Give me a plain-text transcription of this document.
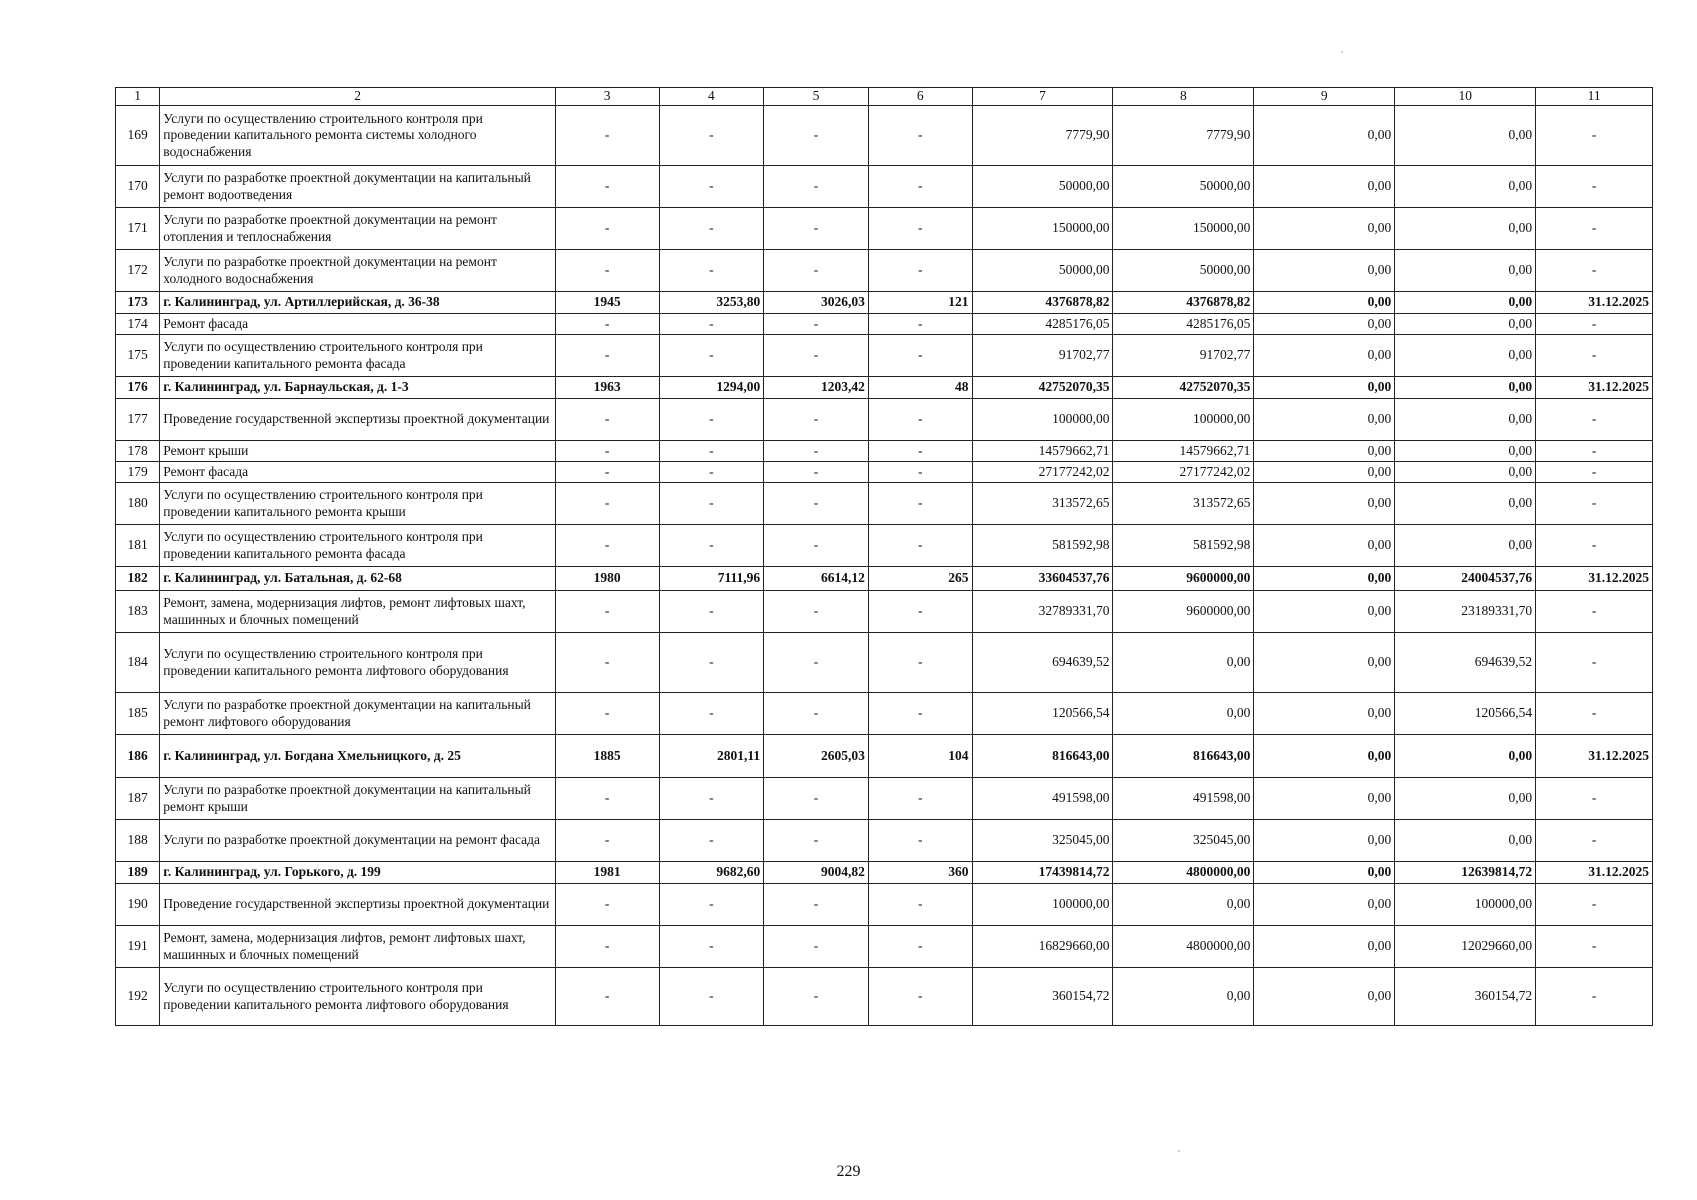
1	2	3	4	5	6	7	8	9	10	11
169	Услуги по осуществлению строительного контроля при проведении капитального ремонта системы холодного водоснабжения	-	-	-	-	7779,90	7779,90	0,00	0,00	-
170	Услуги по разработке проектной документации на капитальный ремонт водоотведения	-	-	-	-	50000,00	50000,00	0,00	0,00	-
171	Услуги по разработке проектной документации на ремонт отопления и теплоснабжения	-	-	-	-	150000,00	150000,00	0,00	0,00	-
172	Услуги по разработке проектной документации на ремонт холодного водоснабжения	-	-	-	-	50000,00	50000,00	0,00	0,00	-
173	г. Калининград, ул. Артиллерийская, д. 36-38	1945	3253,80	3026,03	121	4376878,82	4376878,82	0,00	0,00	31.12.2025
174	Ремонт фасада	-	-	-	-	4285176,05	4285176,05	0,00	0,00	-
175	Услуги по осуществлению строительного контроля при проведении капитального ремонта фасада	-	-	-	-	91702,77	91702,77	0,00	0,00	-
176	г. Калининград, ул. Барнаульская, д. 1-3	1963	1294,00	1203,42	48	42752070,35	42752070,35	0,00	0,00	31.12.2025
177	Проведение государственной экспертизы проектной документации	-	-	-	-	100000,00	100000,00	0,00	0,00	-
178	Ремонт крыши	-	-	-	-	14579662,71	14579662,71	0,00	0,00	-
179	Ремонт фасада	-	-	-	-	27177242,02	27177242,02	0,00	0,00	-
180	Услуги по осуществлению строительного контроля при проведении капитального ремонта крыши	-	-	-	-	313572,65	313572,65	0,00	0,00	-
181	Услуги по осуществлению строительного контроля при проведении капитального ремонта фасада	-	-	-	-	581592,98	581592,98	0,00	0,00	-
182	г. Калининград, ул. Батальная, д. 62-68	1980	7111,96	6614,12	265	33604537,76	9600000,00	0,00	24004537,76	31.12.2025
183	Ремонт, замена, модернизация лифтов, ремонт лифтовых шахт, машинных и блочных помещений	-	-	-	-	32789331,70	9600000,00	0,00	23189331,70	-
184	Услуги по осуществлению строительного контроля при проведении капитального ремонта лифтового оборудования	-	-	-	-	694639,52	0,00	0,00	694639,52	-
185	Услуги по разработке проектной документации на капитальный ремонт лифтового оборудования	-	-	-	-	120566,54	0,00	0,00	120566,54	-
186	г. Калининград, ул. Богдана Хмельницкого, д. 25	1885	2801,11	2605,03	104	816643,00	816643,00	0,00	0,00	31.12.2025
187	Услуги по разработке проектной документации на капитальный ремонт крыши	-	-	-	-	491598,00	491598,00	0,00	0,00	-
188	Услуги по разработке проектной документации на ремонт фасада	-	-	-	-	325045,00	325045,00	0,00	0,00	-
189	г. Калининград, ул. Горького, д. 199	1981	9682,60	9004,82	360	17439814,72	4800000,00	0,00	12639814,72	31.12.2025
190	Проведение государственной экспертизы проектной документации	-	-	-	-	100000,00	0,00	0,00	100000,00	-
191	Ремонт, замена, модернизация лифтов, ремонт лифтовых шахт, машинных и блочных помещений	-	-	-	-	16829660,00	4800000,00	0,00	12029660,00	-
192	Услуги по осуществлению строительного контроля при проведении капитального ремонта лифтового оборудования	-	-	-	-	360154,72	0,00	0,00	360154,72	-
229
